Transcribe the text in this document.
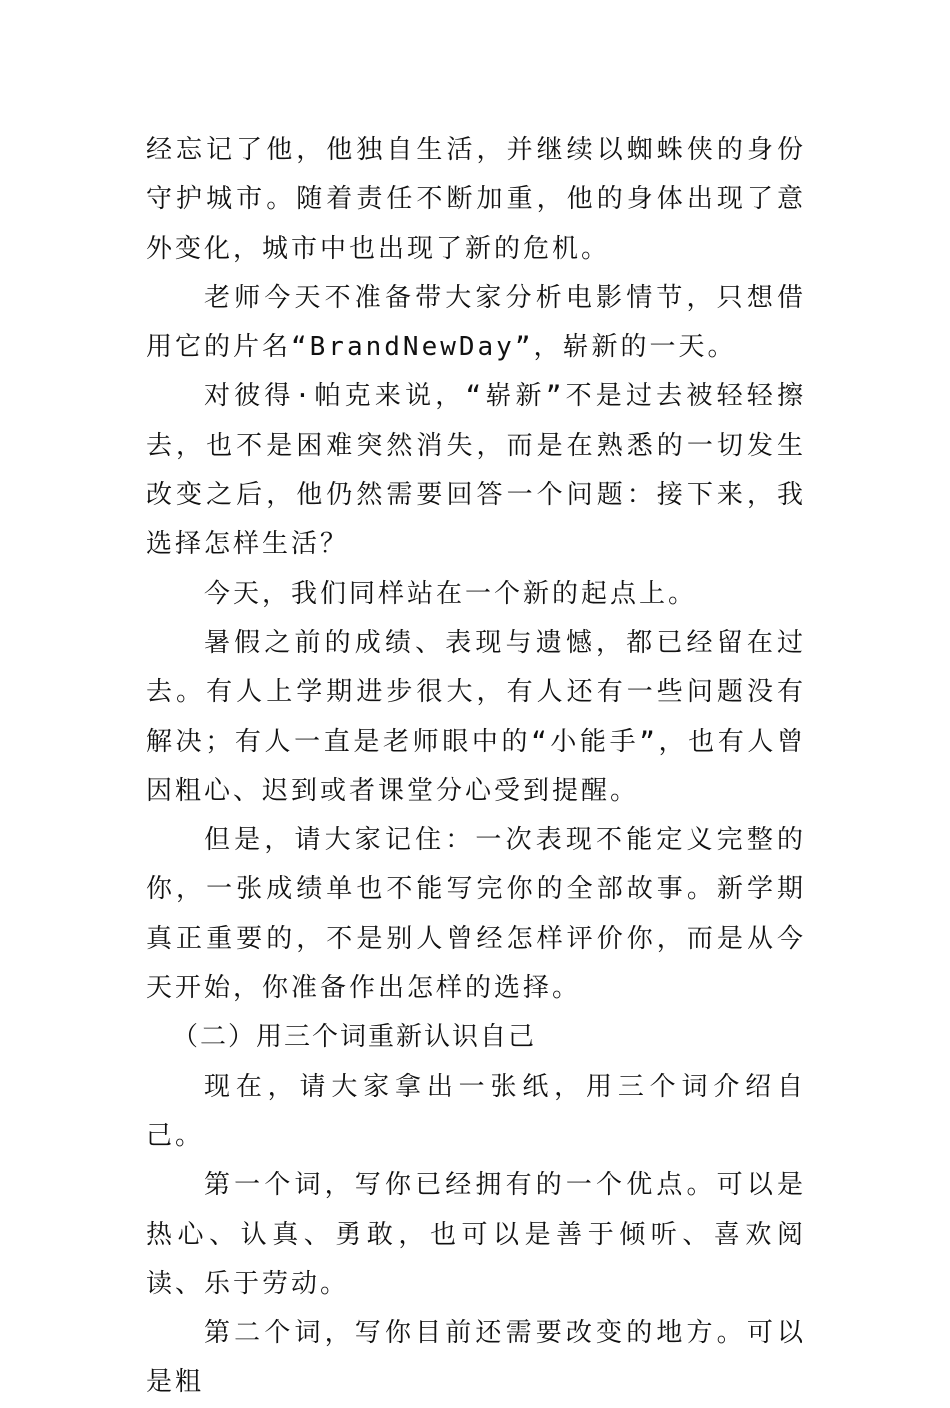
经忘记了他，他独自生活，并继续以蜘蛛侠的身份守护城市。随着责任不断加重，他的身体出现了意外变化，城市中也出现了新的危机。

老师今天不准备带大家分析电影情节，只想借用它的片名“BrandNewDay”，崭新的一天。

对彼得·帕克来说，“崭新”不是过去被轻轻擦去，也不是困难突然消失，而是在熟悉的一切发生改变之后，他仍然需要回答一个问题：接下来，我选择怎样生活？

今天，我们同样站在一个新的起点上。

暑假之前的成绩、表现与遗憾，都已经留在过去。有人上学期进步很大，有人还有一些问题没有解决；有人一直是老师眼中的“小能手”，也有人曾因粗心、迟到或者课堂分心受到提醒。

但是，请大家记住：一次表现不能定义完整的你，一张成绩单也不能写完你的全部故事。新学期真正重要的，不是别人曾经怎样评价你，而是从今天开始，你准备作出怎样的选择。

（二）用三个词重新认识自己

现在，请大家拿出一张纸，用三个词介绍自己。

第一个词，写你已经拥有的一个优点。可以是热心、认真、勇敢，也可以是善于倾听、喜欢阅读、乐于劳动。

第二个词，写你目前还需要改变的地方。可以是粗
